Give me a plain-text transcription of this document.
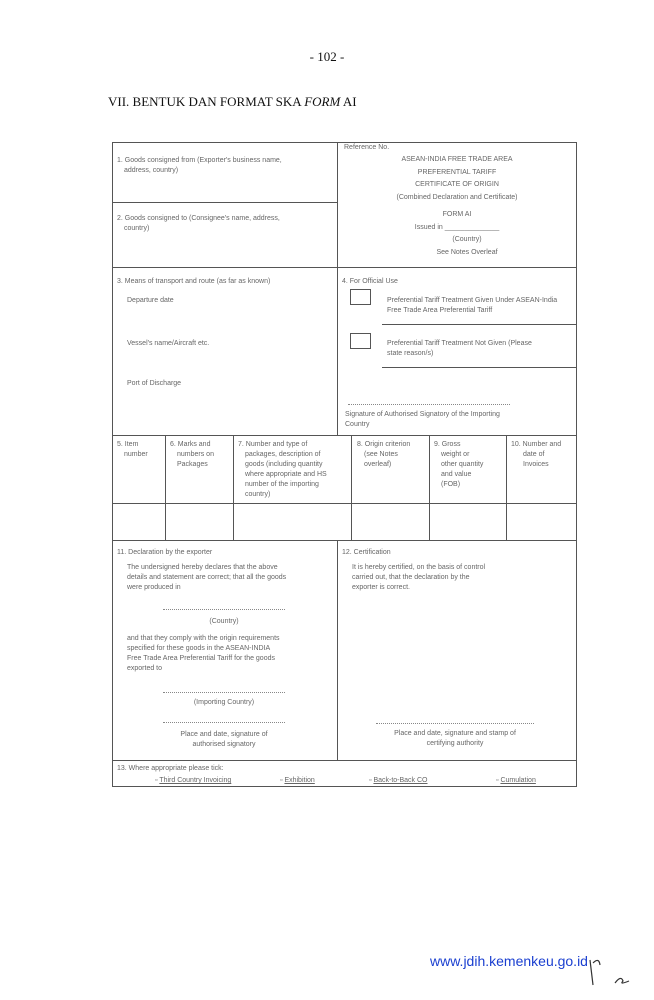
- 102 -
VII. BENTUK DAN FORMAT SKA FORM AI
1. Goods consigned from (Exporter's business name,
address, country)
2. Goods consigned to (Consignee's name, address,
country)
Reference No.
ASEAN-INDIA FREE TRADE AREA
PREFERENTIAL TARIFF
CERTIFICATE OF ORIGIN
(Combined Declaration and Certificate)
FORM AI
Issued in ______________
(Country)
See Notes Overleaf
3. Means of transport and route (as far as known)
Departure date
Vessel's name/Aircraft etc.
Port of Discharge
4. For Official Use
Preferential Tariff Treatment Given Under ASEAN-India
Free Trade Area Preferential Tariff
Preferential Tariff Treatment Not Given (Please
state reason/s)
Signature of Authorised Signatory of the Importing
Country
5. Item
number
6. Marks and
numbers on
Packages
7. Number and type of
packages, description of
goods (including quantity
where appropriate and HS
number of the importing
country)
8. Origin criterion
(see Notes
overleaf)
9. Gross
weight or
other quantity
and value
(FOB)
10. Number and
date of
Invoices
11. Declaration by the exporter
The undersigned hereby declares that the above
details and statement are correct; that all the goods
were produced in
(Country)
and that they comply with the origin requirements
specified for these goods in the ASEAN-INDIA
Free Trade Area Preferential Tariff for the goods
exported to
(Importing Country)
Place and date, signature of
authorised signatory
12. Certification
It is hereby certified, on the basis of control
carried out, that the declaration by the
exporter is correct.
Place and date, signature and stamp of
certifying authority
13. Where appropriate please tick:
▫ Third Country Invoicing	▫ Exhibition	▫ Back-to-Back CO	▫ Cumulation
www.jdih.kemenkeu.go.id
